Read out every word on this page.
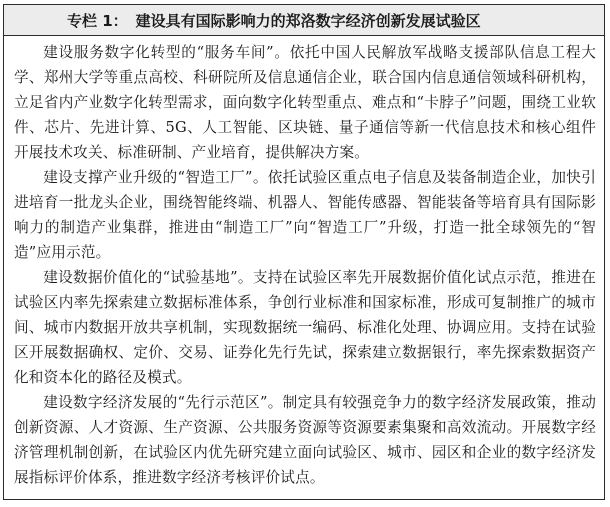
专栏 1： 建设具有国际影响力的郑洛数字经济创新发展试验区

建设服务数字化转型的“服务车间”。依托中国人民解放军战略支援部队信息工程大学、郑州大学等重点高校、科研院所及信息通信企业，联合国内信息通信领域科研机构，立足省内产业数字化转型需求，面向数字化转型重点、难点和“卡脖子”问题，围绕工业软件、芯片、先进计算、5G、人工智能、区块链、量子通信等新一代信息技术和核心组件开展技术攻关、标准研制、产业培育，提供解决方案。

建设支撑产业升级的“智造工厂”。依托试验区重点电子信息及装备制造企业，加快引进培育一批龙头企业，围绕智能终端、机器人、智能传感器、智能装备等培育具有国际影响力的制造产业集群，推进由“制造工厂”向“智造工厂”升级，打造一批全球领先的“智造”应用示范。

建设数据价值化的“试验基地”。支持在试验区率先开展数据价值化试点示范，推进在试验区内率先探索建立数据标准体系，争创行业标准和国家标准，形成可复制推广的城市间、城市内数据开放共享机制，实现数据统一编码、标准化处理、协调应用。支持在试验区开展数据确权、定价、交易、证券化先行先试，探索建立数据银行，率先探索数据资产化和资本化的路径及模式。

建设数字经济发展的“先行示范区”。制定具有较强竞争力的数字经济发展政策，推动创新资源、人才资源、生产资源、公共服务资源等资源要素集聚和高效流动。开展数字经济管理机制创新，在试验区内优先研究建立面向试验区、城市、园区和企业的数字经济发展指标评价体系，推进数字经济考核评价试点。
